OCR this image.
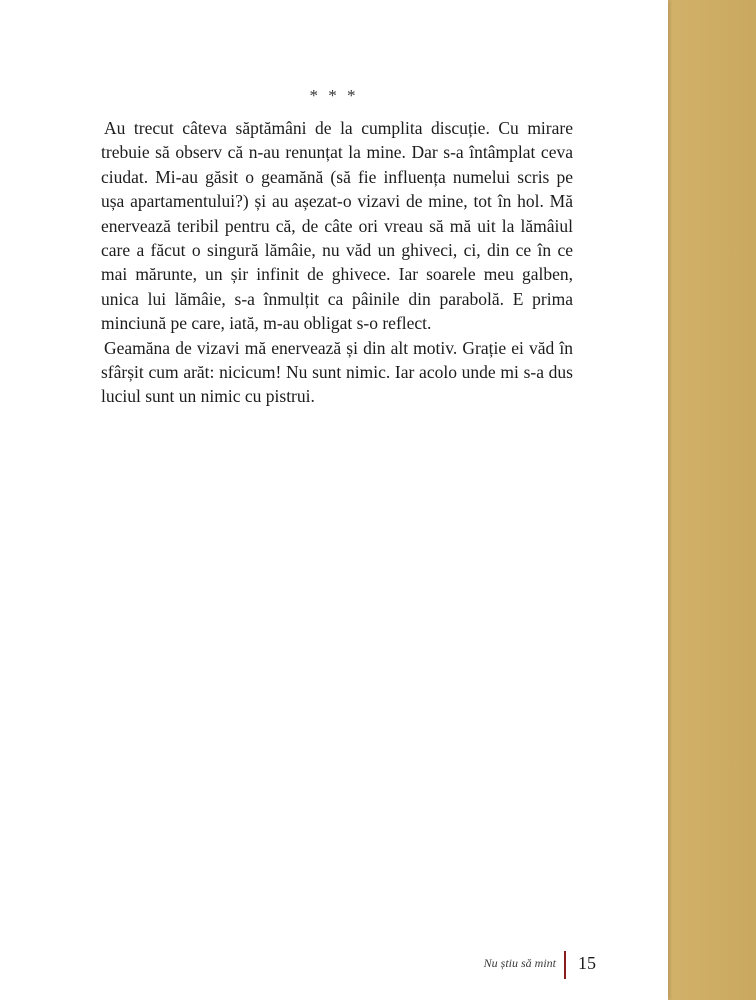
* * *

Au trecut câteva săptămâni de la cumplita discuție. Cu mirare trebuie să observ că n-au renunțat la mine. Dar s-a întâmplat ceva ciudat. Mi-au găsit o geamănă (să fie influența numelui scris pe ușa apartamentului?) și au așezat-o vizavi de mine, tot în hol. Mă enervează teribil pentru că, de câte ori vreau să mă uit la lămâiul care a făcut o singură lămâie, nu văd un ghiveci, ci, din ce în ce mai mărunte, un șir infinit de ghivece. Iar soarele meu galben, unica lui lămâie, s-a înmulțit ca pâinile din parabolă. E prima minciună pe care, iată, m-au obligat s-o reflect.

Geamăna de vizavi mă enervează și din alt motiv. Grație ei văd în sfârșit cum arăt: nicicum! Nu sunt nimic. Iar acolo unde mi s-a dus luciul sunt un nimic cu pistrui.

Nu știu să mint 15
